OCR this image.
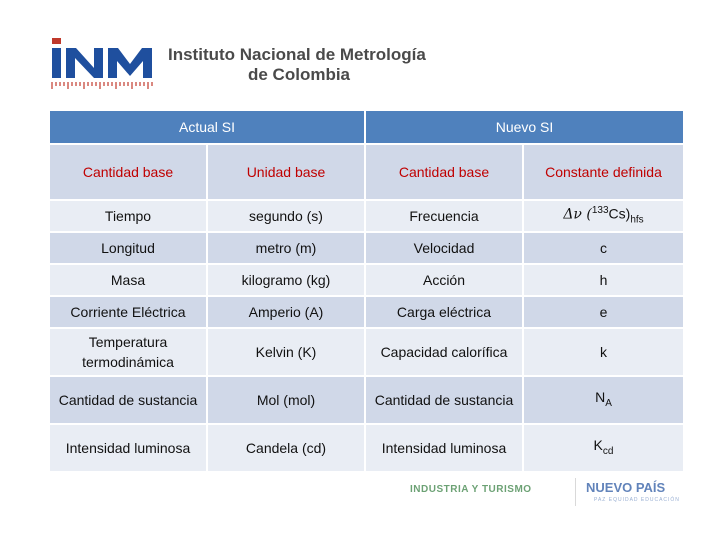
Instituto Nacional de Metrología
de Colombia
Actual SI		Nuevo SI	
Cantidad base	Unidad base	Cantidad base	Constante definida
Tiempo	segundo (s)	Frecuencia	Δν $(^{133}Cs)_{hfs}$
Longitud	metro (m)	Velocidad	c
Masa	kilogramo (kg)	Acción	h
Corriente Eléctrica	Amperio (A)	Carga eléctrica	e
Temperatura termodinámica	Kelvin (K)	Capacidad calorífica	k
Cantidad de sustancia	Mol (mol)	Cantidad de sustancia	$N_A$
Intensidad luminosa	Candela (cd)	Intensidad luminosa	$K_{cd}$
INDUSTRIA Y TURISMO	NUEVO PAÍS
PAZ EQUIDAD EDUCACIÓN
